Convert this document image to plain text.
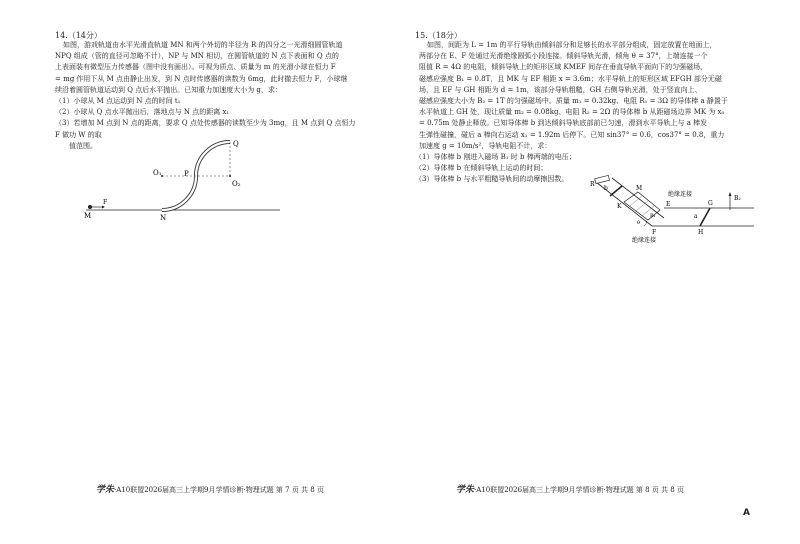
14.（14分）

如图，游戏轨道由水平光滑直轨道 MN 和两个外切的半径为 R 的四分之一光滑细圆管轨道

NPQ 组成（管的直径可忽略不计），NP 与 MN 相切，在圆管轨道的 N 点下表面和 Q 点的

上表面装有微型压力传感器（图中没有画出）。可视为质点、质量为 m 的光滑小球在恒力 F

= mg 作用下从 M 点由静止出发，到 N 点时传感器的读数为 6mg，此时撤去恒力 F，小球继

续沿着圆管轨道运动到 Q 点后水平抛出。已知重力加速度大小为 g，求：

（1）小球从 M 点运动到 N 点的时间 t₁

（2）小球从 Q 点水平抛出后，落地点与 N 点的距离 x₁

（3）若增加 M 点到 N 点的距离，要求 Q 点处传感器的读数至少为 3mg，且 M 点到 Q 点恒力 F 做功 W 的取

值范围。	Q
O₁	P
O₂
M
F
N
学朱·A10联盟2026届高三上学期9月学情诊断·物理试题 第 7 页 共 8 页
15.（18分）

如图，间距为 L = 1m 的平行导轨由倾斜部分和足够长的水平部分组成，固定放置在地面上，

两部分在 E、F 处通过光滑绝缘圆弧小段连接。倾斜导轨光滑，倾角 θ = 37°，上端连接一个

阻值 R = 4Ω 的电阻，倾斜导轨上的矩形区域 KMEF 间存在垂直导轨平面向下的匀强磁场，

磁感应强度 B₁ = 0.8T，且 MK 与 EF 相距 x = 3.6m；水平导轨上的矩形区域 EFGH 部分无磁

场，且 EF 与 GH 相距为 d = 1m，该部分导轨粗糙，GH 右侧导轨光滑，处于竖直向上、

磁感应强度大小为 B₂ = 1T 的匀强磁场中。质量 m₁ = 0.32kg、电阻 R₁ = 3Ω 的导体棒 a 静置于

水平轨道上 GH 处，现让质量 m₂ = 0.08kg、电阻 R₂ = 2Ω 的导体棒 b 从距磁场边界 MK 为 x₀

= 0.75m 处静止释放。已知导体棒 b 到达倾斜导轨底部前已匀速，滑到水平导轨上与 a 棒发

生弹性碰撞，碰后 a 棒向右运动 x₁ = 1.92m 后停下。已知 sin37° = 0.6，cos37° = 0.8，重力

加速度 g = 10m/s²，导轨电阻不计，求：

（1）导体棒 b 刚进入磁场 B₁ 时 b 棒两端的电压；

（2）导体棒 b 在倾斜导轨上运动的时间；

（3）导体棒 b 与水平粗糙导轨间的动摩擦因数。

R
b	M
K	E
F
G
H
a
B₂
B₁
θ
绝缘连接
绝缘连接
学朱·A10联盟2026届高三上学期9月学情诊断·物理试题 第 8 页 共 8 页
A
